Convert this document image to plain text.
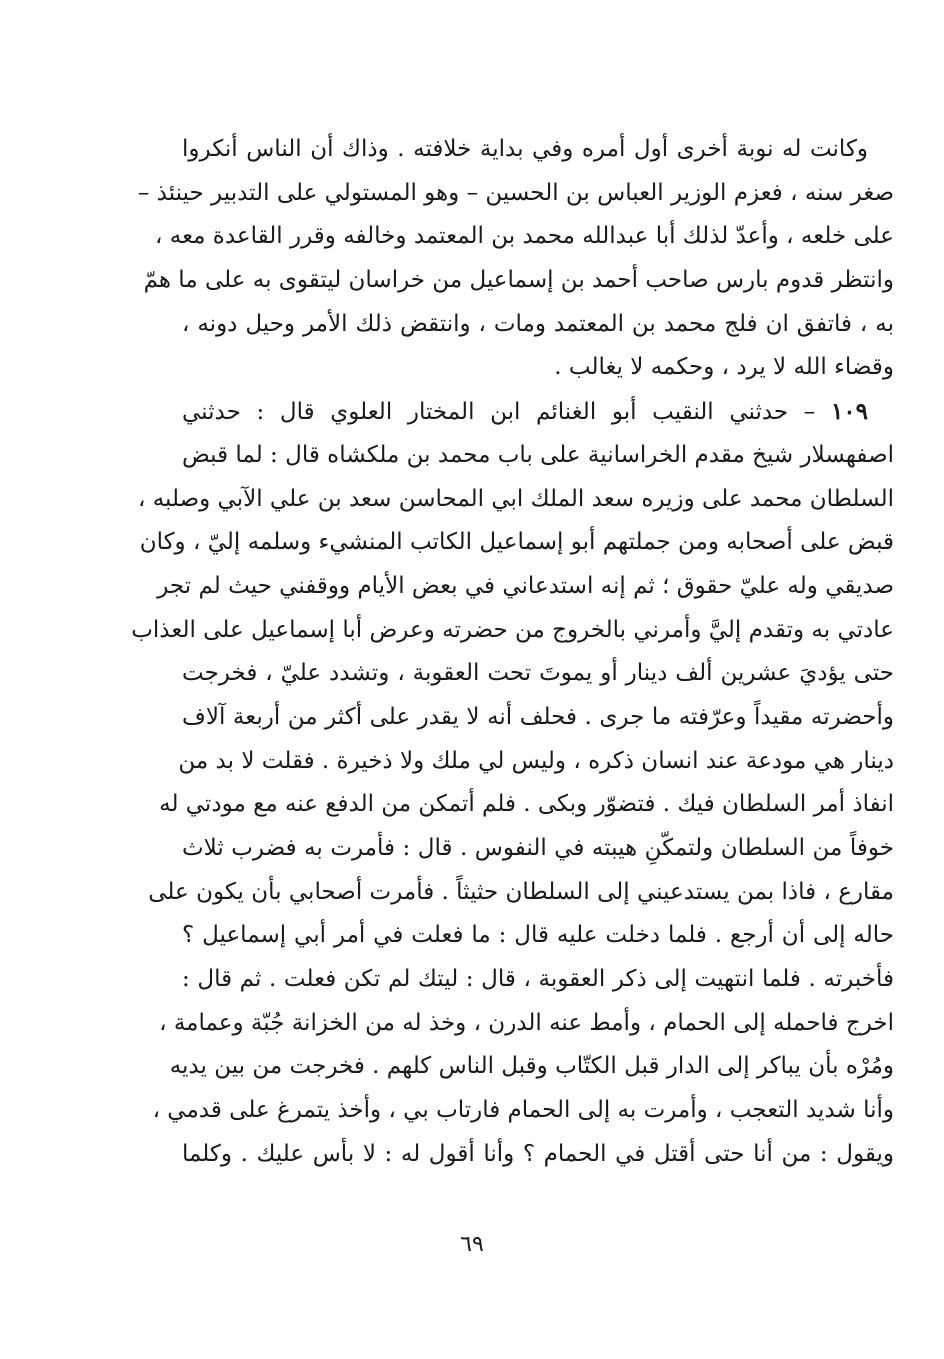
وكانت له نوبة أخرى أول أمره وفي بداية خلافته . وذاك أن الناس أنكروا
صغر سنه ، فعزم الوزير العباس بن الحسين – وهو المستولي على التدبير حينئذ –
على خلعه ، وأعدّ لذلك أبا عبدالله محمد بن المعتمد وخالفه وقرر القاعدة معه ،
وانتظر قدوم بارس صاحب أحمد بن إسماعيل من خراسان ليتقوى به على ما همّ
به ، فاتفق ان فلج محمد بن المعتمد ومات ، وانتقض ذلك الأمر وحيل دونه ،
وقضاء الله لا يرد ، وحكمه لا يغالب .
١٠٩ – حدثني النقيب أبو الغنائم ابن المختار العلوي قال : حدثني
اصفهسلار شيخ مقدم الخراسانية على باب محمد بن ملكشاه قال : لما قبض
السلطان محمد على وزيره سعد الملك ابي المحاسن سعد بن علي الآبي وصلبه ،
قبض على أصحابه ومن جملتهم أبو إسماعيل الكاتب المنشيء وسلمه إليّ ، وكان
صديقي وله عليّ حقوق ؛ ثم إنه استدعاني في بعض الأيام ووقفني حيث لم تجر
عادتي به وتقدم إليَّ وأمرني بالخروج من حضرته وعرض أبا إسماعيل على العذاب
حتى يؤديَ عشرين ألف دينار أو يموتَ تحت العقوبة ، وتشدد عليّ ، فخرجت
وأحضرته مقيداً وعرّفته ما جرى . فحلف أنه لا يقدر على أكثر من أربعة آلاف
دينار هي مودعة عند انسان ذكره ، وليس لي ملك ولا ذخيرة . فقلت لا بد من
انفاذ أمر السلطان فيك . فتضوّر وبكى . فلم أتمكن من الدفع عنه مع مودتي له
خوفاً من السلطان ولتمكّنِ هيبته في النفوس . قال : فأمرت به فضرب ثلاث
مقارع ، فاذا بمن يستدعيني إلى السلطان حثيثاً . فأمرت أصحابي بأن يكون على
حاله إلى أن أرجع . فلما دخلت عليه قال : ما فعلت في أمر أبي إسماعيل ؟
فأخبرته . فلما انتهيت إلى ذكر العقوبة ، قال : ليتك لم تكن فعلت . ثم قال :
اخرج فاحمله إلى الحمام ، وأمط عنه الدرن ، وخذ له من الخزانة جُبّة وعمامة ،
ومُرْه بأن يباكر إلى الدار قبل الكتّاب وقبل الناس كلهم . فخرجت من بين يديه
وأنا شديد التعجب ، وأمرت به إلى الحمام فارتاب بي ، وأخذ يتمرغ على قدمي ،
ويقول : من أنا حتى أقتل في الحمام ؟ وأنا أقول له : لا بأس عليك . وكلما
٦٩
